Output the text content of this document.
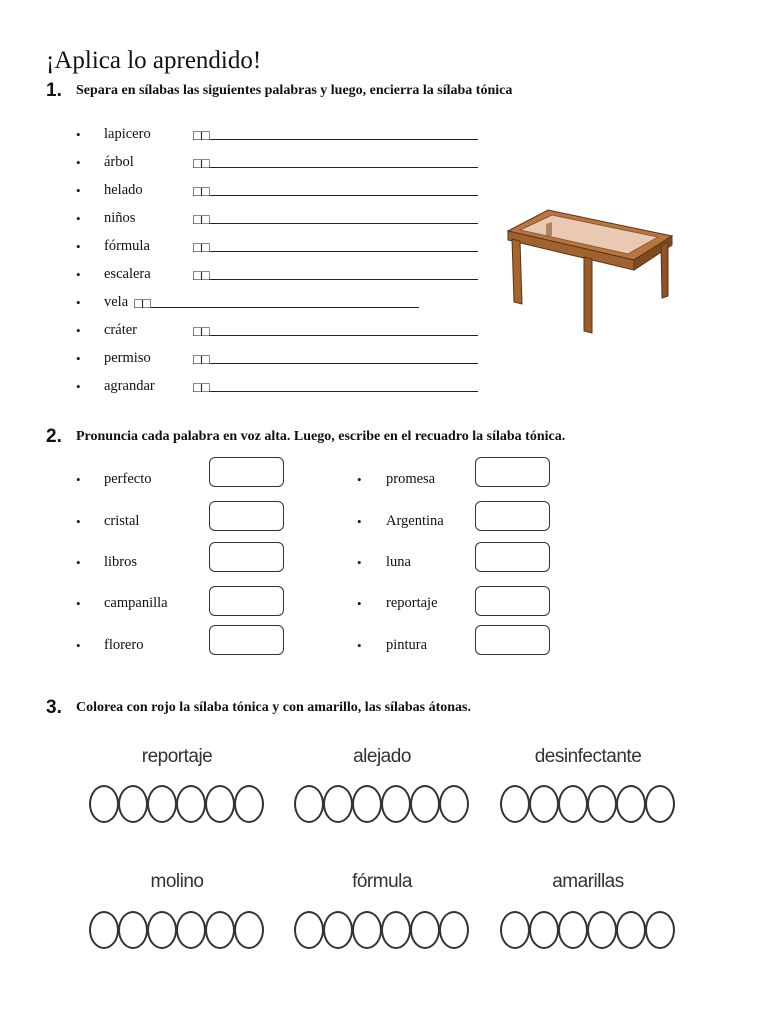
¡Aplica lo aprendido!
1. Separa en sílabas las siguientes palabras y luego, encierra la sílaba tónica
• lapicero	□□
• árbol	□□
• helado	□□
• niños	□□
• fórmula	□□
• escalera	□□
• vela □□
• cráter	□□
• permiso	□□
• agrandar	□□
2. Pronuncia cada palabra en voz alta. Luego, escribe en el recuadro la sílaba tónica.
• perfecto
• cristal
• libros
• campanilla
• florero
• promesa
• Argentina
• luna
• reportaje
• pintura
3. Colorea con rojo la sílaba tónica y con amarillo, las sílabas átonas.
reportaje	alejado	desinfectante
molino	fórmula	amarillas
